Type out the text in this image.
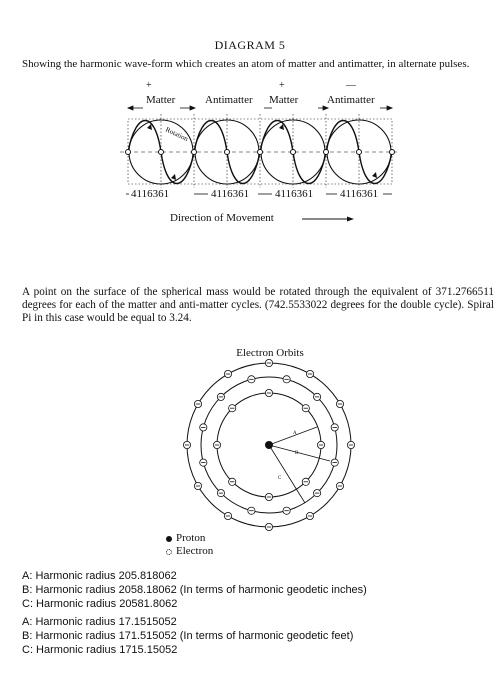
DIAGRAM 5
Showing the harmonic wave-form which creates an atom of matter and antimatter, in alternate pulses.
+	+	—
Matter	Antimatter Matter	Antimatter
Rotation
4116361	4116361 4116361 4116361
Direction of Movement
A point on the surface of the spherical mass would be rotated through the equivalent of 371.2766511 degrees for each of the matter and anti-matter cycles. (742.5533022 degrees for the double cycle). Spiral Pi in this case would be equal to 3.24.
Electron Orbits
A
B
C
Proton
Electron
A: Harmonic radius 205.818062
B: Harmonic radius 2058.18062 (In terms of harmonic geodetic inches)
C: Harmonic radius 20581.8062
A: Harmonic radius 17.1515052
B: Harmonic radius 171.515052 (In terms of harmonic geodetic feet)
C: Harmonic radius 1715.15052
